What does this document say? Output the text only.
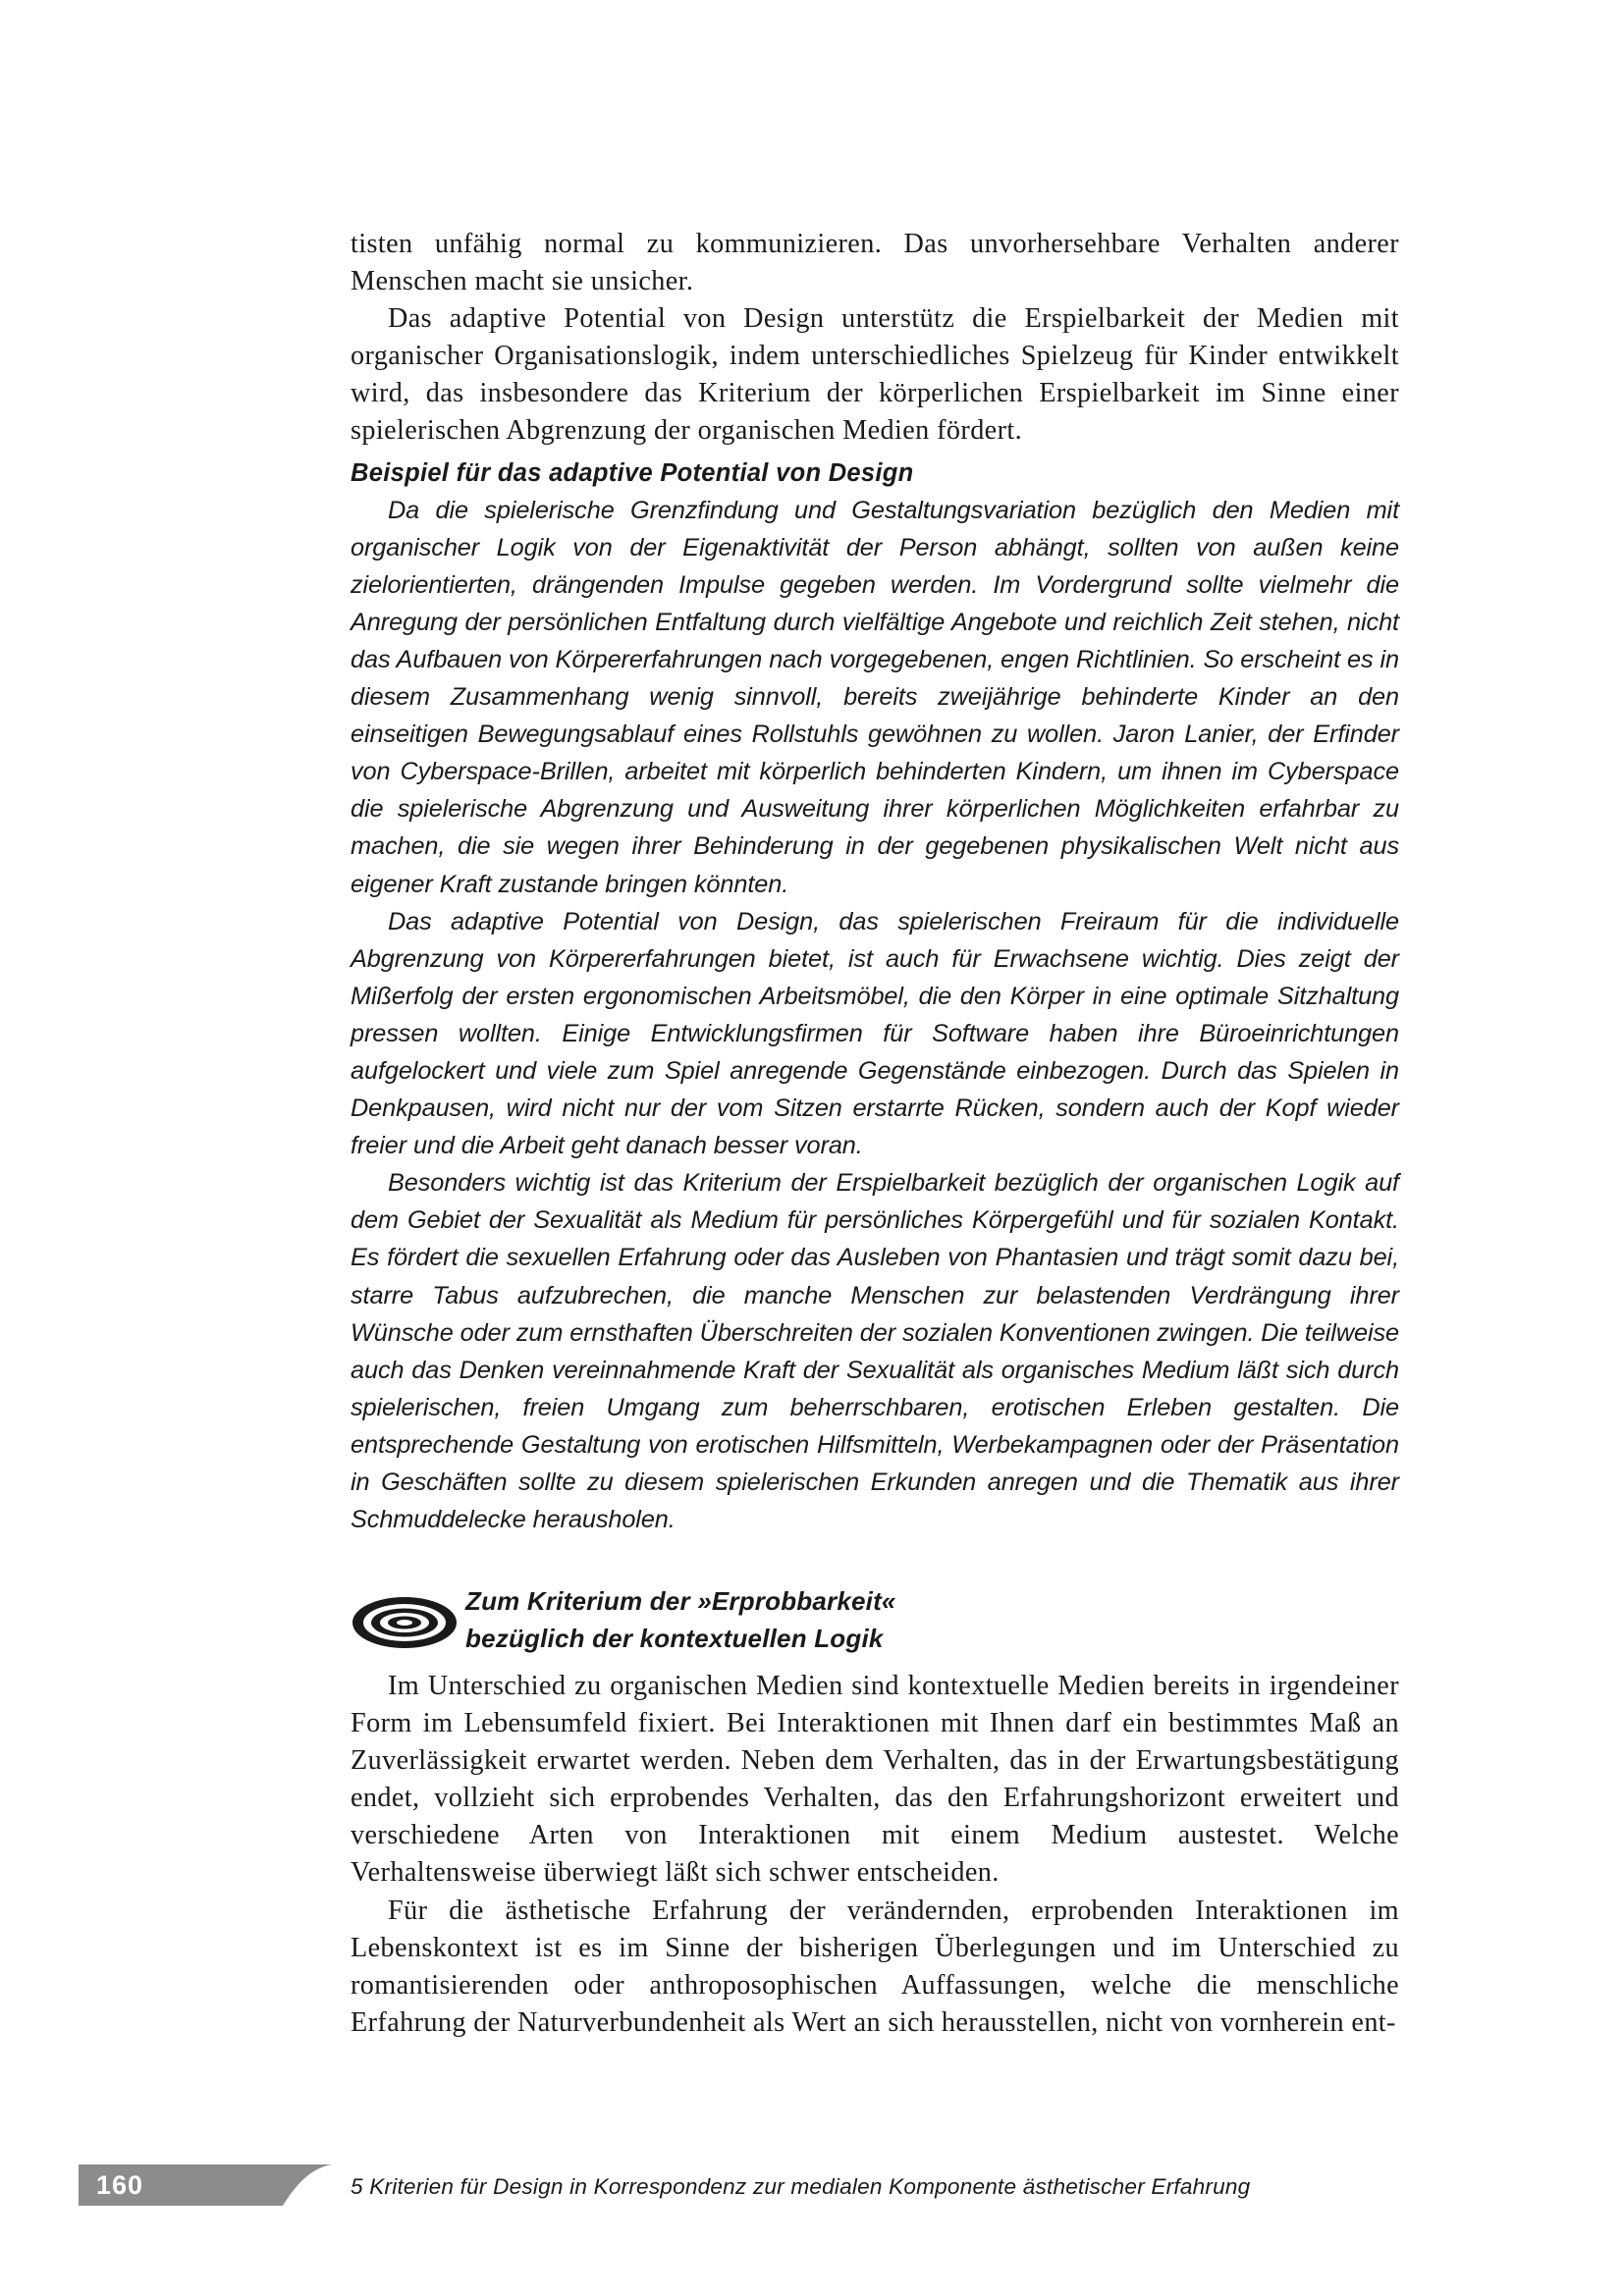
tisten unfähig normal zu kommunizieren. Das unvorhersehbare Verhalten anderer Menschen macht sie unsicher.

Das adaptive Potential von Design unterstütz die Erspielbarkeit der Medien mit organischer Organisationslogik, indem unterschiedliches Spielzeug für Kinder entwikkelt wird, das insbesondere das Kriterium der körperlichen Erspielbarkeit im Sinne einer spielerischen Abgrenzung der organischen Medien fördert.

Beispiel für das adaptive Potential von Design

Da die spielerische Grenzfindung und Gestaltungsvariation bezüglich den Medien mit organischer Logik von der Eigenaktivität der Person abhängt, sollten von außen keine zielorientierten, drängenden Impulse gegeben werden. Im Vordergrund sollte vielmehr die Anregung der persönlichen Entfaltung durch vielfältige Angebote und reichlich Zeit stehen, nicht das Aufbauen von Körpererfahrungen nach vorgegebenen, engen Richtlinien. So erscheint es in diesem Zusammenhang wenig sinnvoll, bereits zweijährige behinderte Kinder an den einseitigen Bewegungsablauf eines Rollstuhls gewöhnen zu wollen. Jaron Lanier, der Erfinder von Cyberspace-Brillen, arbeitet mit körperlich behinderten Kindern, um ihnen im Cyberspace die spielerische Abgrenzung und Ausweitung ihrer körperlichen Möglichkeiten erfahrbar zu machen, die sie wegen ihrer Behinderung in der gegebenen physikalischen Welt nicht aus eigener Kraft zustande bringen könnten.

Das adaptive Potential von Design, das spielerischen Freiraum für die individuelle Abgrenzung von Körpererfahrungen bietet, ist auch für Erwachsene wichtig. Dies zeigt der Mißerfolg der ersten ergonomischen Arbeitsmöbel, die den Körper in eine optimale Sitzhaltung pressen wollten. Einige Entwicklungsfirmen für Software haben ihre Büroeinrichtungen aufgelockert und viele zum Spiel anregende Gegenstände einbezogen. Durch das Spielen in Denkpausen, wird nicht nur der vom Sitzen erstarrte Rücken, sondern auch der Kopf wieder freier und die Arbeit geht danach besser voran.

Besonders wichtig ist das Kriterium der Erspielbarkeit bezüglich der organischen Logik auf dem Gebiet der Sexualität als Medium für persönliches Körpergefühl und für sozialen Kontakt. Es fördert die sexuellen Erfahrung oder das Ausleben von Phantasien und trägt somit dazu bei, starre Tabus aufzubrechen, die manche Menschen zur belastenden Verdrängung ihrer Wünsche oder zum ernsthaften Überschreiten der sozialen Konventionen zwingen. Die teilweise auch das Denken vereinnahmende Kraft der Sexualität als organisches Medium läßt sich durch spielerischen, freien Umgang zum beherrschbaren, erotischen Erleben gestalten. Die entsprechende Gestaltung von erotischen Hilfsmitteln, Werbekampagnen oder der Präsentation in Geschäften sollte zu diesem spielerischen Erkunden anregen und die Thematik aus ihrer Schmuddelecke herausholen.

Zum Kriterium der »Erprobbarkeit«
bezüglich der kontextuellen Logik

Im Unterschied zu organischen Medien sind kontextuelle Medien bereits in irgendeiner Form im Lebensumfeld fixiert. Bei Interaktionen mit Ihnen darf ein bestimmtes Maß an Zuverlässigkeit erwartet werden. Neben dem Verhalten, das in der Erwartungsbestätigung endet, vollzieht sich erprobendes Verhalten, das den Erfahrungshorizont erweitert und verschiedene Arten von Interaktionen mit einem Medium austestet. Welche Verhaltensweise überwiegt läßt sich schwer entscheiden.

Für die ästhetische Erfahrung der verändernden, erprobenden Interaktionen im Lebenskontext ist es im Sinne der bisherigen Überlegungen und im Unterschied zu romantisierenden oder anthroposophischen Auffassungen, welche die menschliche Erfahrung der Naturverbundenheit als Wert an sich herausstellen, nicht von vornherein ent-

160	5 Kriterien für Design in Korrespondenz zur medialen Komponente ästhetischer Erfahrung
